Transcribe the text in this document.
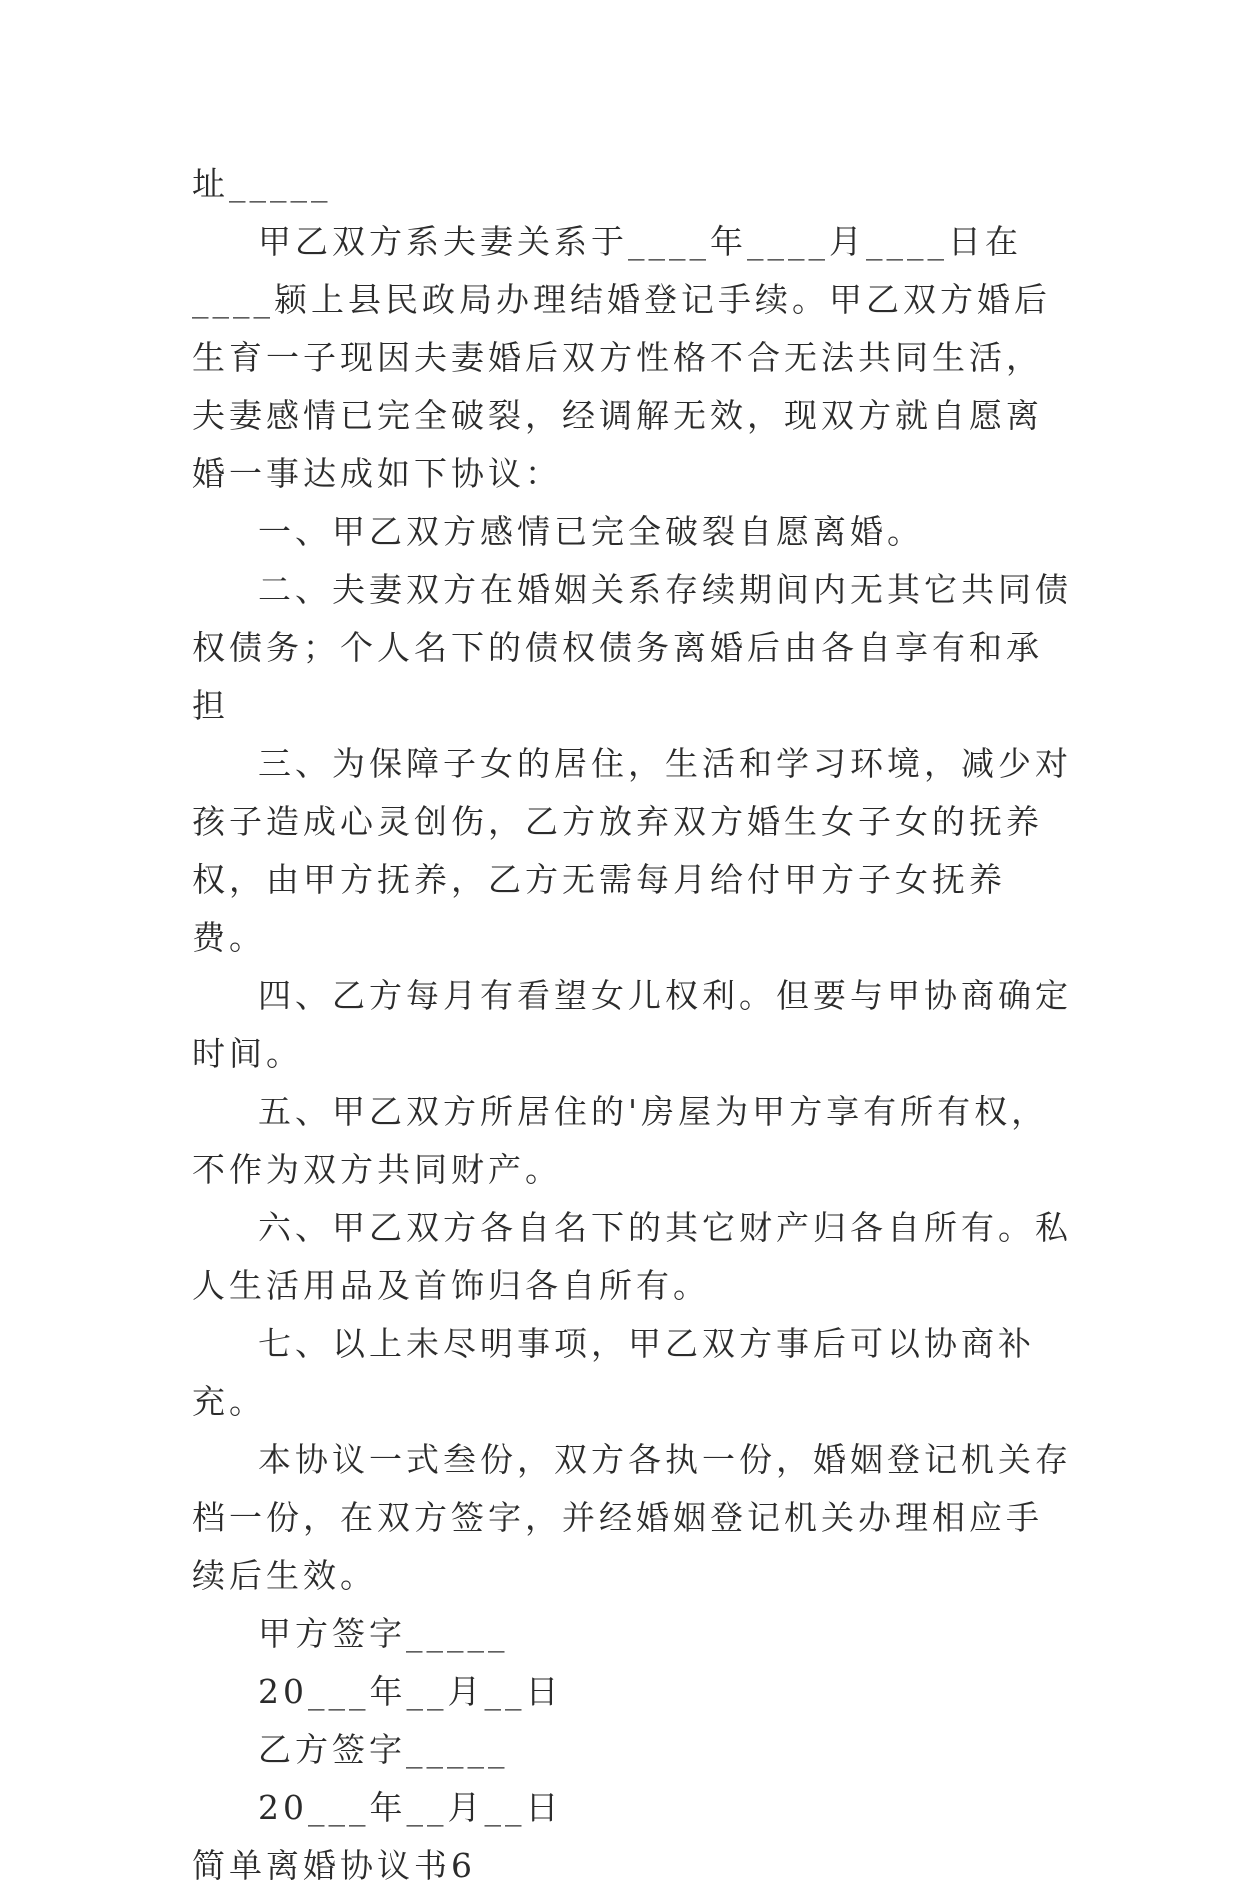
址_____

甲乙双方系夫妻关系于____年____月____日在____颍上县民政局办理结婚登记手续。甲乙双方婚后生育一子现因夫妻婚后双方性格不合无法共同生活，夫妻感情已完全破裂，经调解无效，现双方就自愿离婚一事达成如下协议：

一、甲乙双方感情已完全破裂自愿离婚。

二、夫妻双方在婚姻关系存续期间内无其它共同债权债务；个人名下的债权债务离婚后由各自享有和承担

三、为保障子女的居住，生活和学习环境，减少对孩子造成心灵创伤，乙方放弃双方婚生女子女的抚养权，由甲方抚养，乙方无需每月给付甲方子女抚养费。

四、乙方每月有看望女儿权利。但要与甲协商确定时间。

五、甲乙双方所居住的'房屋为甲方享有所有权，不作为双方共同财产。

六、甲乙双方各自名下的其它财产归各自所有。私人生活用品及首饰归各自所有。

七、以上未尽明事项，甲乙双方事后可以协商补充。

本协议一式叁份，双方各执一份，婚姻登记机关存档一份，在双方签字，并经婚姻登记机关办理相应手续后生效。

甲方签字_____

20___年__月__日

乙方签字_____

20___年__月__日

简单离婚协议书6
